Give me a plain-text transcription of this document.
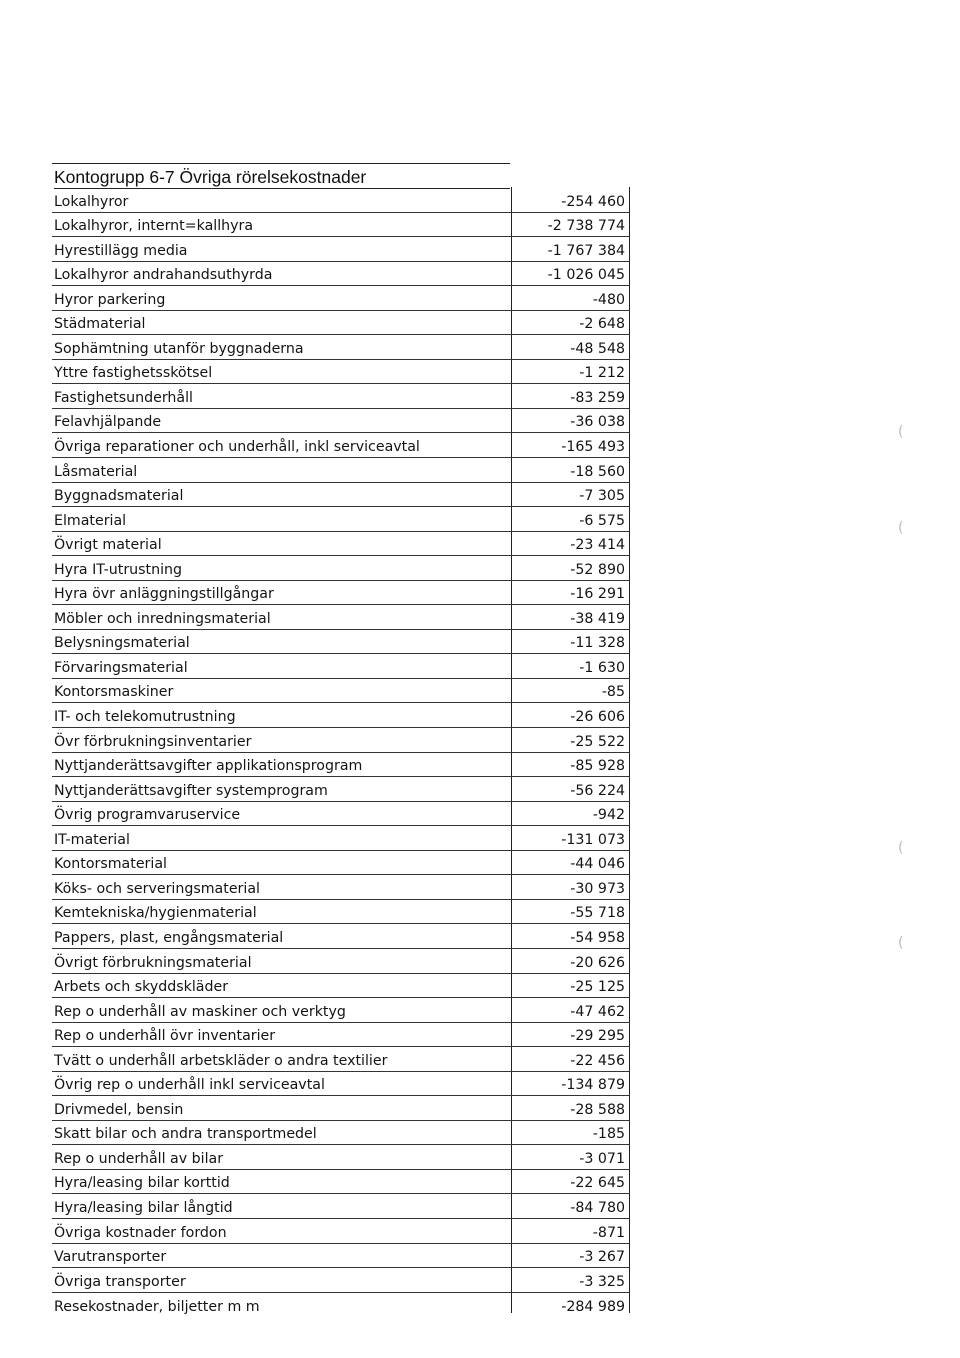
Kontogrupp 6-7 Övriga rörelsekostnader
Lokalhyror	-254 460
Lokalhyror, internt=kallhyra	-2 738 774
Hyrestillägg media	-1 767 384
Lokalhyror andrahandsuthyrda	-1 026 045
Hyror parkering	-480
Städmaterial	-2 648
Sophämtning utanför byggnaderna	-48 548
Yttre fastighetsskötsel	-1 212
Fastighetsunderhåll	-83 259
Felavhjälpande	-36 038
Övriga reparationer och underhåll, inkl serviceavtal	-165 493
Låsmaterial	-18 560
Byggnadsmaterial	-7 305
Elmaterial	-6 575
Övrigt material	-23 414
Hyra IT-utrustning	-52 890
Hyra övr anläggningstillgångar	-16 291
Möbler och inredningsmaterial	-38 419
Belysningsmaterial	-11 328
Förvaringsmaterial	-1 630
Kontorsmaskiner	-85
IT- och telekomutrustning	-26 606
Övr förbrukningsinventarier	-25 522
Nyttjanderättsavgifter applikationsprogram	-85 928
Nyttjanderättsavgifter systemprogram	-56 224
Övrig programvaruservice	-942
IT-material	-131 073
Kontorsmaterial	-44 046
Köks- och serveringsmaterial	-30 973
Kemtekniska/hygienmaterial	-55 718
Pappers, plast, engångsmaterial	-54 958
Övrigt förbrukningsmaterial	-20 626
Arbets och skyddskläder	-25 125
Rep o underhåll av maskiner och verktyg	-47 462
Rep o underhåll övr inventarier	-29 295
Tvätt o underhåll arbetskläder o andra textilier	-22 456
Övrig rep o underhåll inkl serviceavtal	-134 879
Drivmedel, bensin	-28 588
Skatt bilar och andra transportmedel	-185
Rep o underhåll av bilar	-3 071
Hyra/leasing bilar korttid	-22 645
Hyra/leasing bilar långtid	-84 780
Övriga kostnader fordon	-871
Varutransporter	-3 267
Övriga transporter	-3 325
Resekostnader, biljetter m m	-284 989
(
(
(
(
